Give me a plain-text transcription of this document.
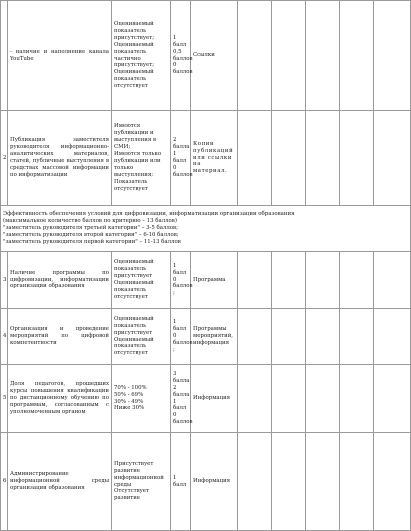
	- наличие и наполнение канала YouTube	Оцениваемый показатель присутствует;
Оцениваемый показатель частично присутствует;
Оцениваемый показатель отсутствует	1 балл
0,5 баллов
0 баллов	Ссылки					
2	Публикация заместителя руководителя информационно-аналитических материалов, статей, публичные выступления в средствах массовой информации по информатизации	Имеются публикации и выступления в СМИ;
Имеются только публикации или только выступления;
Показатель отсутствует	2 балла
1 балл
0 баллов	Копии публикаций или ссылки на материал.					

Эффективность обеспечения условий для цифровизации, информатизации организации образования
(максимальное количество баллов по критерию – 13 баллов)
"заместитель руководителя третьей категории" – 3-5 баллов;
"заместитель руководителя второй категории" – 6-10 баллов;
"заместитель руководителя первой категории" – 11-13 баллов									

3	Наличие программы по цифровизации, информатизации организации образования	Оцениваемый показатель присутствует
Оцениваемый показатель отсутствует	1 балл
0 баллов
;	Программа					
4	Организация и проведение мероприятий по цифровой компетентности	Оцениваемый показатель присутствует
Оцениваемый показатель отсутствует	1 балл
0 баллов
;	Программы мероприятий, информация					
5	Доля педагогов, прошедших курсы повышения квалификации по дистанционному обучению по программам, согласованным с уполномоченным органом	70% - 100%
50% - 69%
30% - 49%
Ниже 30%	3 балла
2 балла
1 балл
0 баллов	Информация					
6	Администрирование информационной среды организации образования	Присутствует развитие информационной среды
Отсутствует развитие	1 балл	Информация					
